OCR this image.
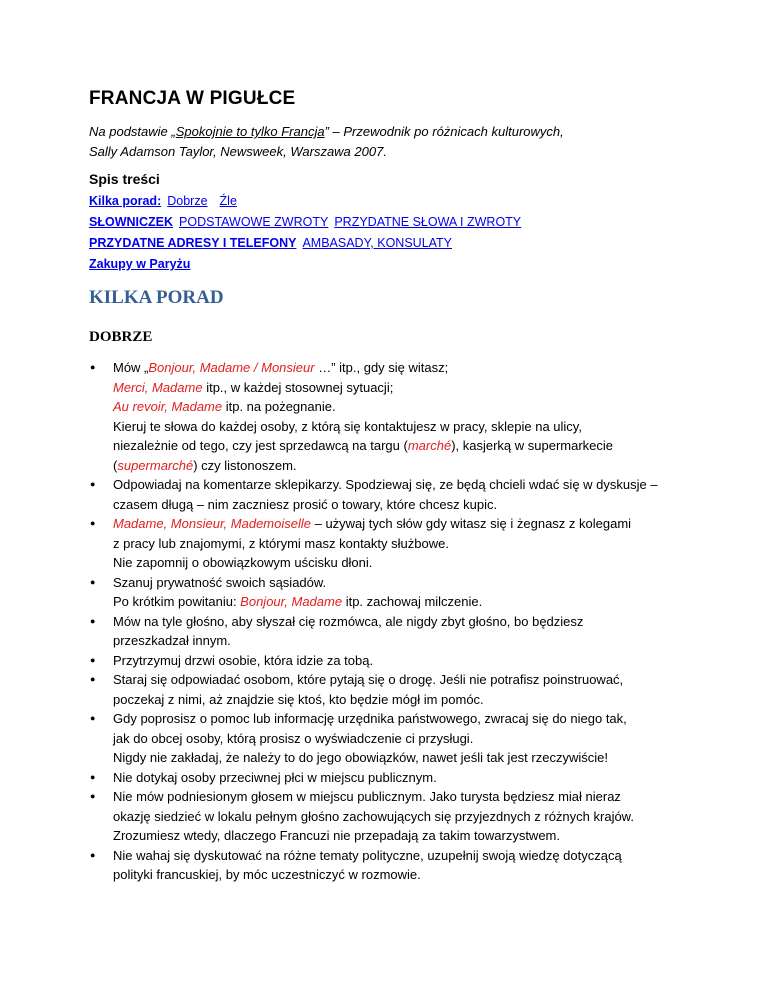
FRANCJA W PIGUŁCE
Na podstawie „Spokojnie to tylko Francja” – Przewodnik po różnicach kulturowych,
Sally Adamson Taylor, Newsweek, Warszawa 2007.
Spis treści
Kilka porad: Dobrze Źle
SŁOWNICZEK PODSTAWOWE ZWROTY PRZYDATNE SŁOWA I ZWROTY
PRZYDATNE ADRESY I TELEFONY AMBASADY, KONSULATY
Zakupy w Paryżu
KILKA PORAD
DOBRZE
● Mów „Bonjour, Madame / Monsieur …” itp., gdy się witasz;
Merci, Madame itp., w każdej stosownej sytuacji;
Au revoir, Madame itp. na pożegnanie.
Kieruj te słowa do każdej osoby, z którą się kontaktujesz w pracy, sklepie na ulicy,
niezależnie od tego, czy jest sprzedawcą na targu (marché), kasjerką w supermarkecie
(supermarché) czy listonoszem.
● Odpowiadaj na komentarze sklepikarzy. Spodziewaj się, ze będą chcieli wdać się w dyskusje –
czasem długą – nim zaczniesz prosić o towary, które chcesz kupic.
● Madame, Monsieur, Mademoiselle – używaj tych słów gdy witasz się i żegnasz z kolegami
z pracy lub znajomymi, z którymi masz kontakty służbowe.
Nie zapomnij o obowiązkowym uścisku dłoni.
● Szanuj prywatność swoich sąsiadów.
Po krótkim powitaniu: Bonjour, Madame itp. zachowaj milczenie.
● Mów na tyle głośno, aby słyszał cię rozmówca, ale nigdy zbyt głośno, bo będziesz
przeszkadzał innym.
● Przytrzymuj drzwi osobie, która idzie za tobą.
● Staraj się odpowiadać osobom, które pytają się o drogę. Jeśli nie potrafisz poinstruować,
poczekaj z nimi, aż znajdzie się ktoś, kto będzie mógł im pomóc.
● Gdy poprosisz o pomoc lub informację urzędnika państwowego, zwracaj się do niego tak,
jak do obcej osoby, którą prosisz o wyświadczenie ci przysługi.
Nigdy nie zakładaj, że należy to do jego obowiązków, nawet jeśli tak jest rzeczywiście!
● Nie dotykaj osoby przeciwnej płci w miejscu publicznym.
● Nie mów podniesionym głosem w miejscu publicznym. Jako turysta będziesz miał nieraz
okazję siedzieć w lokalu pełnym głośno zachowujących się przyjezdnych z różnych krajów.
Zrozumiesz wtedy, dlaczego Francuzi nie przepadają za takim towarzystwem.
● Nie wahaj się dyskutować na różne tematy polityczne, uzupełnij swoją wiedzę dotyczącą
polityki francuskiej, by móc uczestniczyć w rozmowie.
